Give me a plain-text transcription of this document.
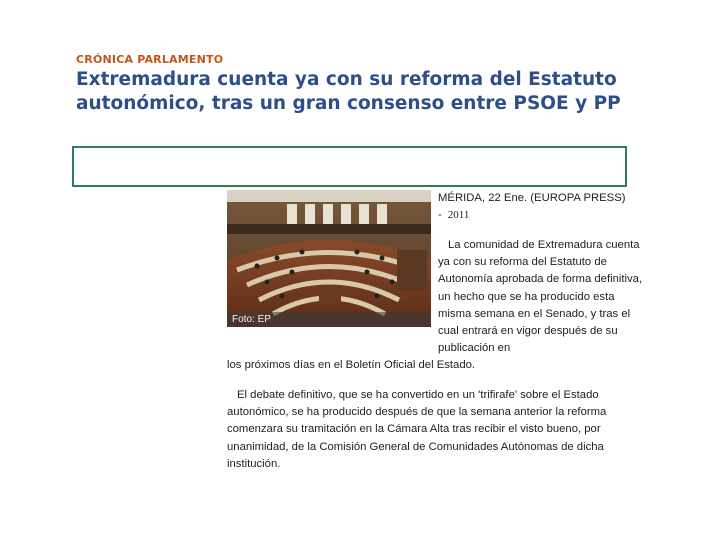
CRÓNICA PARLAMENTO
Extremadura cuenta ya con su reforma del Estatuto autonómico, tras un gran consenso entre PSOE y PP
Foto: EP

MÉRIDA, 22 Ene. (EUROPA PRESS) - 2011

La comunidad de Extremadura cuenta ya con su reforma del Estatuto de Autonomía aprobada de forma definitiva, un hecho que se ha producido esta misma semana en el Senado, y tras el cual entrará en vigor después de su publicación en

los próximos días en el Boletín Oficial del Estado.

El debate definitivo, que se ha convertido en un 'trifirafe' sobre el Estado autonómico, se ha producido después de que la semana anterior la reforma comenzara su tramitación en la Cámara Alta tras recibir el visto bueno, por unanimidad, de la Comisión General de Comunidades Autónomas de dicha institución.
